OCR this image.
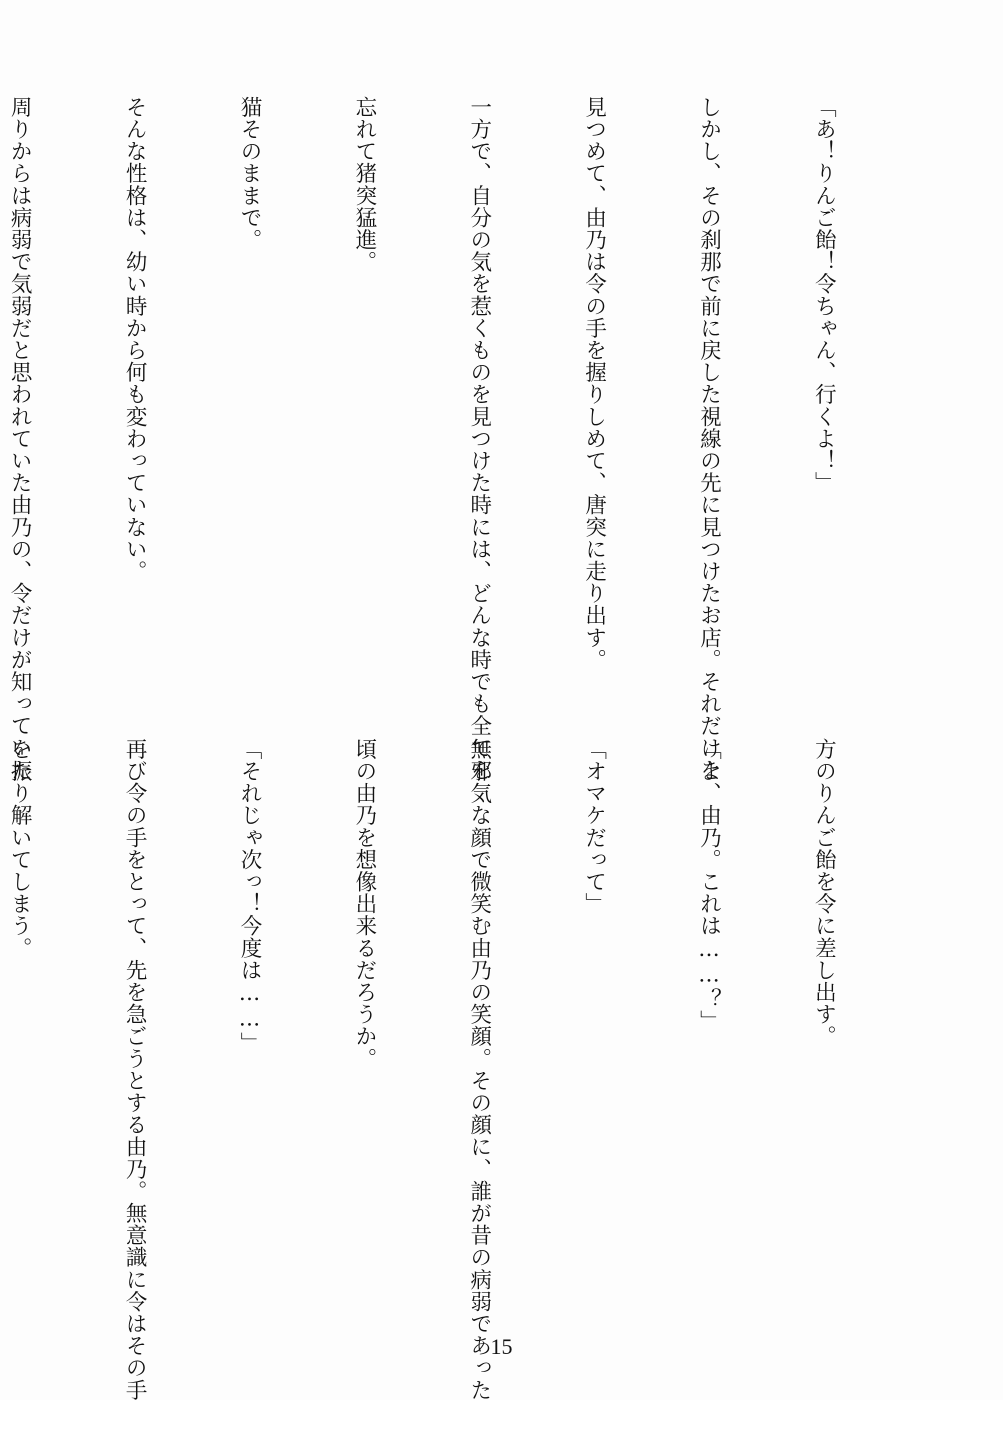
「あ！りんご飴！令ちゃん、行くよ！」

しかし、その刹那で前に戻した視線の先に見つけたお店。それだけを

見つめて、由乃は令の手を握りしめて、唐突に走り出す。

一方で、自分の気を惹くものを見つけた時には、どんな時でも全てを

忘れて猪突猛進。

猫そのままで。

そんな性格は、幼い時から何も変わっていない。

周りからは病弱で気弱だと思われていた由乃の、令だけが知っていた

方のりんご飴を令に差し出す。

「よ、由乃。これは……？」

「オマケだって」

無邪気な顔で微笑む由乃の笑顔。その顔に、誰が昔の病弱であった

頃の由乃を想像出来るだろうか。

「それじゃ次っ！今度は……」

再び令の手をとって、先を急ごうとする由乃。無意識に令はその手

を振り解いてしまう。

15
